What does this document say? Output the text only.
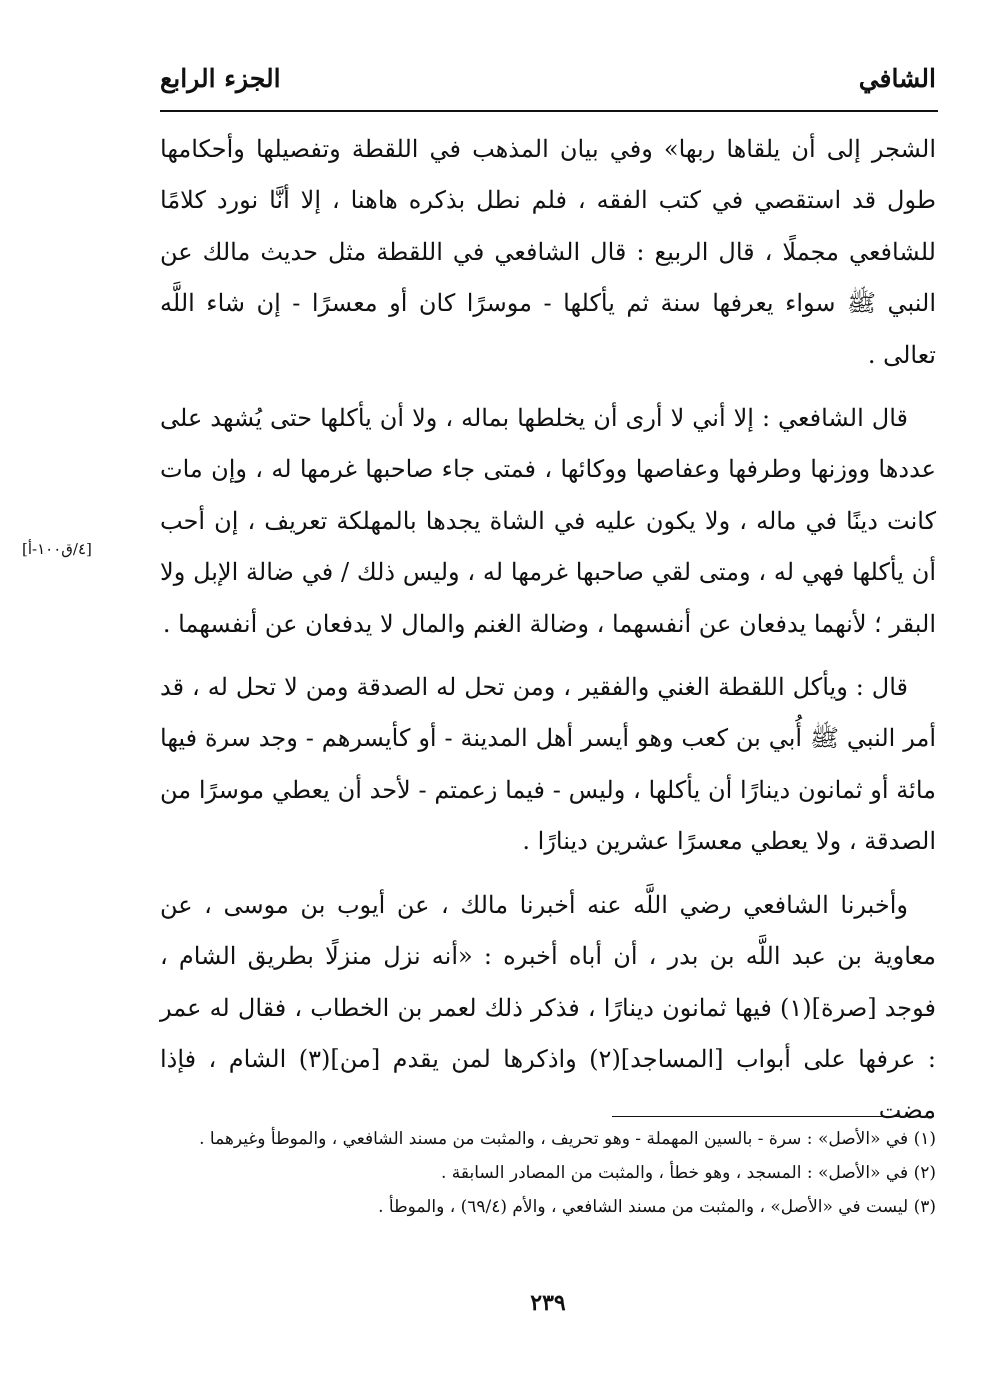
الشافي
الجزء الرابع
[٤/ق١٠٠-أ]

الشجر إلى أن يلقاها ربها» وفي بيان المذهب في اللقطة وتفصيلها وأحكامها طول قد استقصي في كتب الفقه ، فلم نطل بذكره هاهنا ، إلا أنَّا نورد كلامًا للشافعي مجملًا ، قال الربيع : قال الشافعي في اللقطة مثل حديث مالك عن النبي ﷺ سواء يعرفها سنة ثم يأكلها - موسرًا كان أو معسرًا - إن شاء اللَّه تعالى .

قال الشافعي : إلا أني لا أرى أن يخلطها بماله ، ولا أن يأكلها حتى يُشهد على عددها ووزنها وطرفها وعفاصها ووكائها ، فمتى جاء صاحبها غرمها له ، وإن مات كانت دينًا في ماله ، ولا يكون عليه في الشاة يجدها بالمهلكة تعريف ، إن أحب أن يأكلها فهي له ، ومتى لقي صاحبها غرمها له ، وليس ذلك / في ضالة الإبل ولا البقر ؛ لأنهما يدفعان عن أنفسهما ، وضالة الغنم والمال لا يدفعان عن أنفسهما .

قال : ويأكل اللقطة الغني والفقير ، ومن تحل له الصدقة ومن لا تحل له ، قد أمر النبي ﷺ أُبي بن كعب وهو أيسر أهل المدينة - أو كأيسرهم - وجد سرة فيها مائة أو ثمانون دينارًا أن يأكلها ، وليس - فيما زعمتم - لأحد أن يعطي موسرًا من الصدقة ، ولا يعطي معسرًا عشرين دينارًا .

وأخبرنا الشافعي رضي اللَّه عنه أخبرنا مالك ، عن أيوب بن موسى ، عن معاوية بن عبد اللَّه بن بدر ، أن أباه أخبره : «أنه نزل منزلًا بطريق الشام ، فوجد [صرة](١) فيها ثمانون دينارًا ، فذكر ذلك لعمر بن الخطاب ، فقال له عمر : عرفها على أبواب [المساجد](٢) واذكرها لمن يقدم [من](٣) الشام ، فإذا مضت

(١) في «الأصل» : سرة - بالسين المهملة - وهو تحريف ، والمثبت من مسند الشافعي ، والموطأ وغيرهما .

(٢) في «الأصل» : المسجد ، وهو خطأ ، والمثبت من المصادر السابقة .

(٣) ليست في «الأصل» ، والمثبت من مسند الشافعي ، والأم (٦٩/٤) ، والموطأ .

٢٣٩
